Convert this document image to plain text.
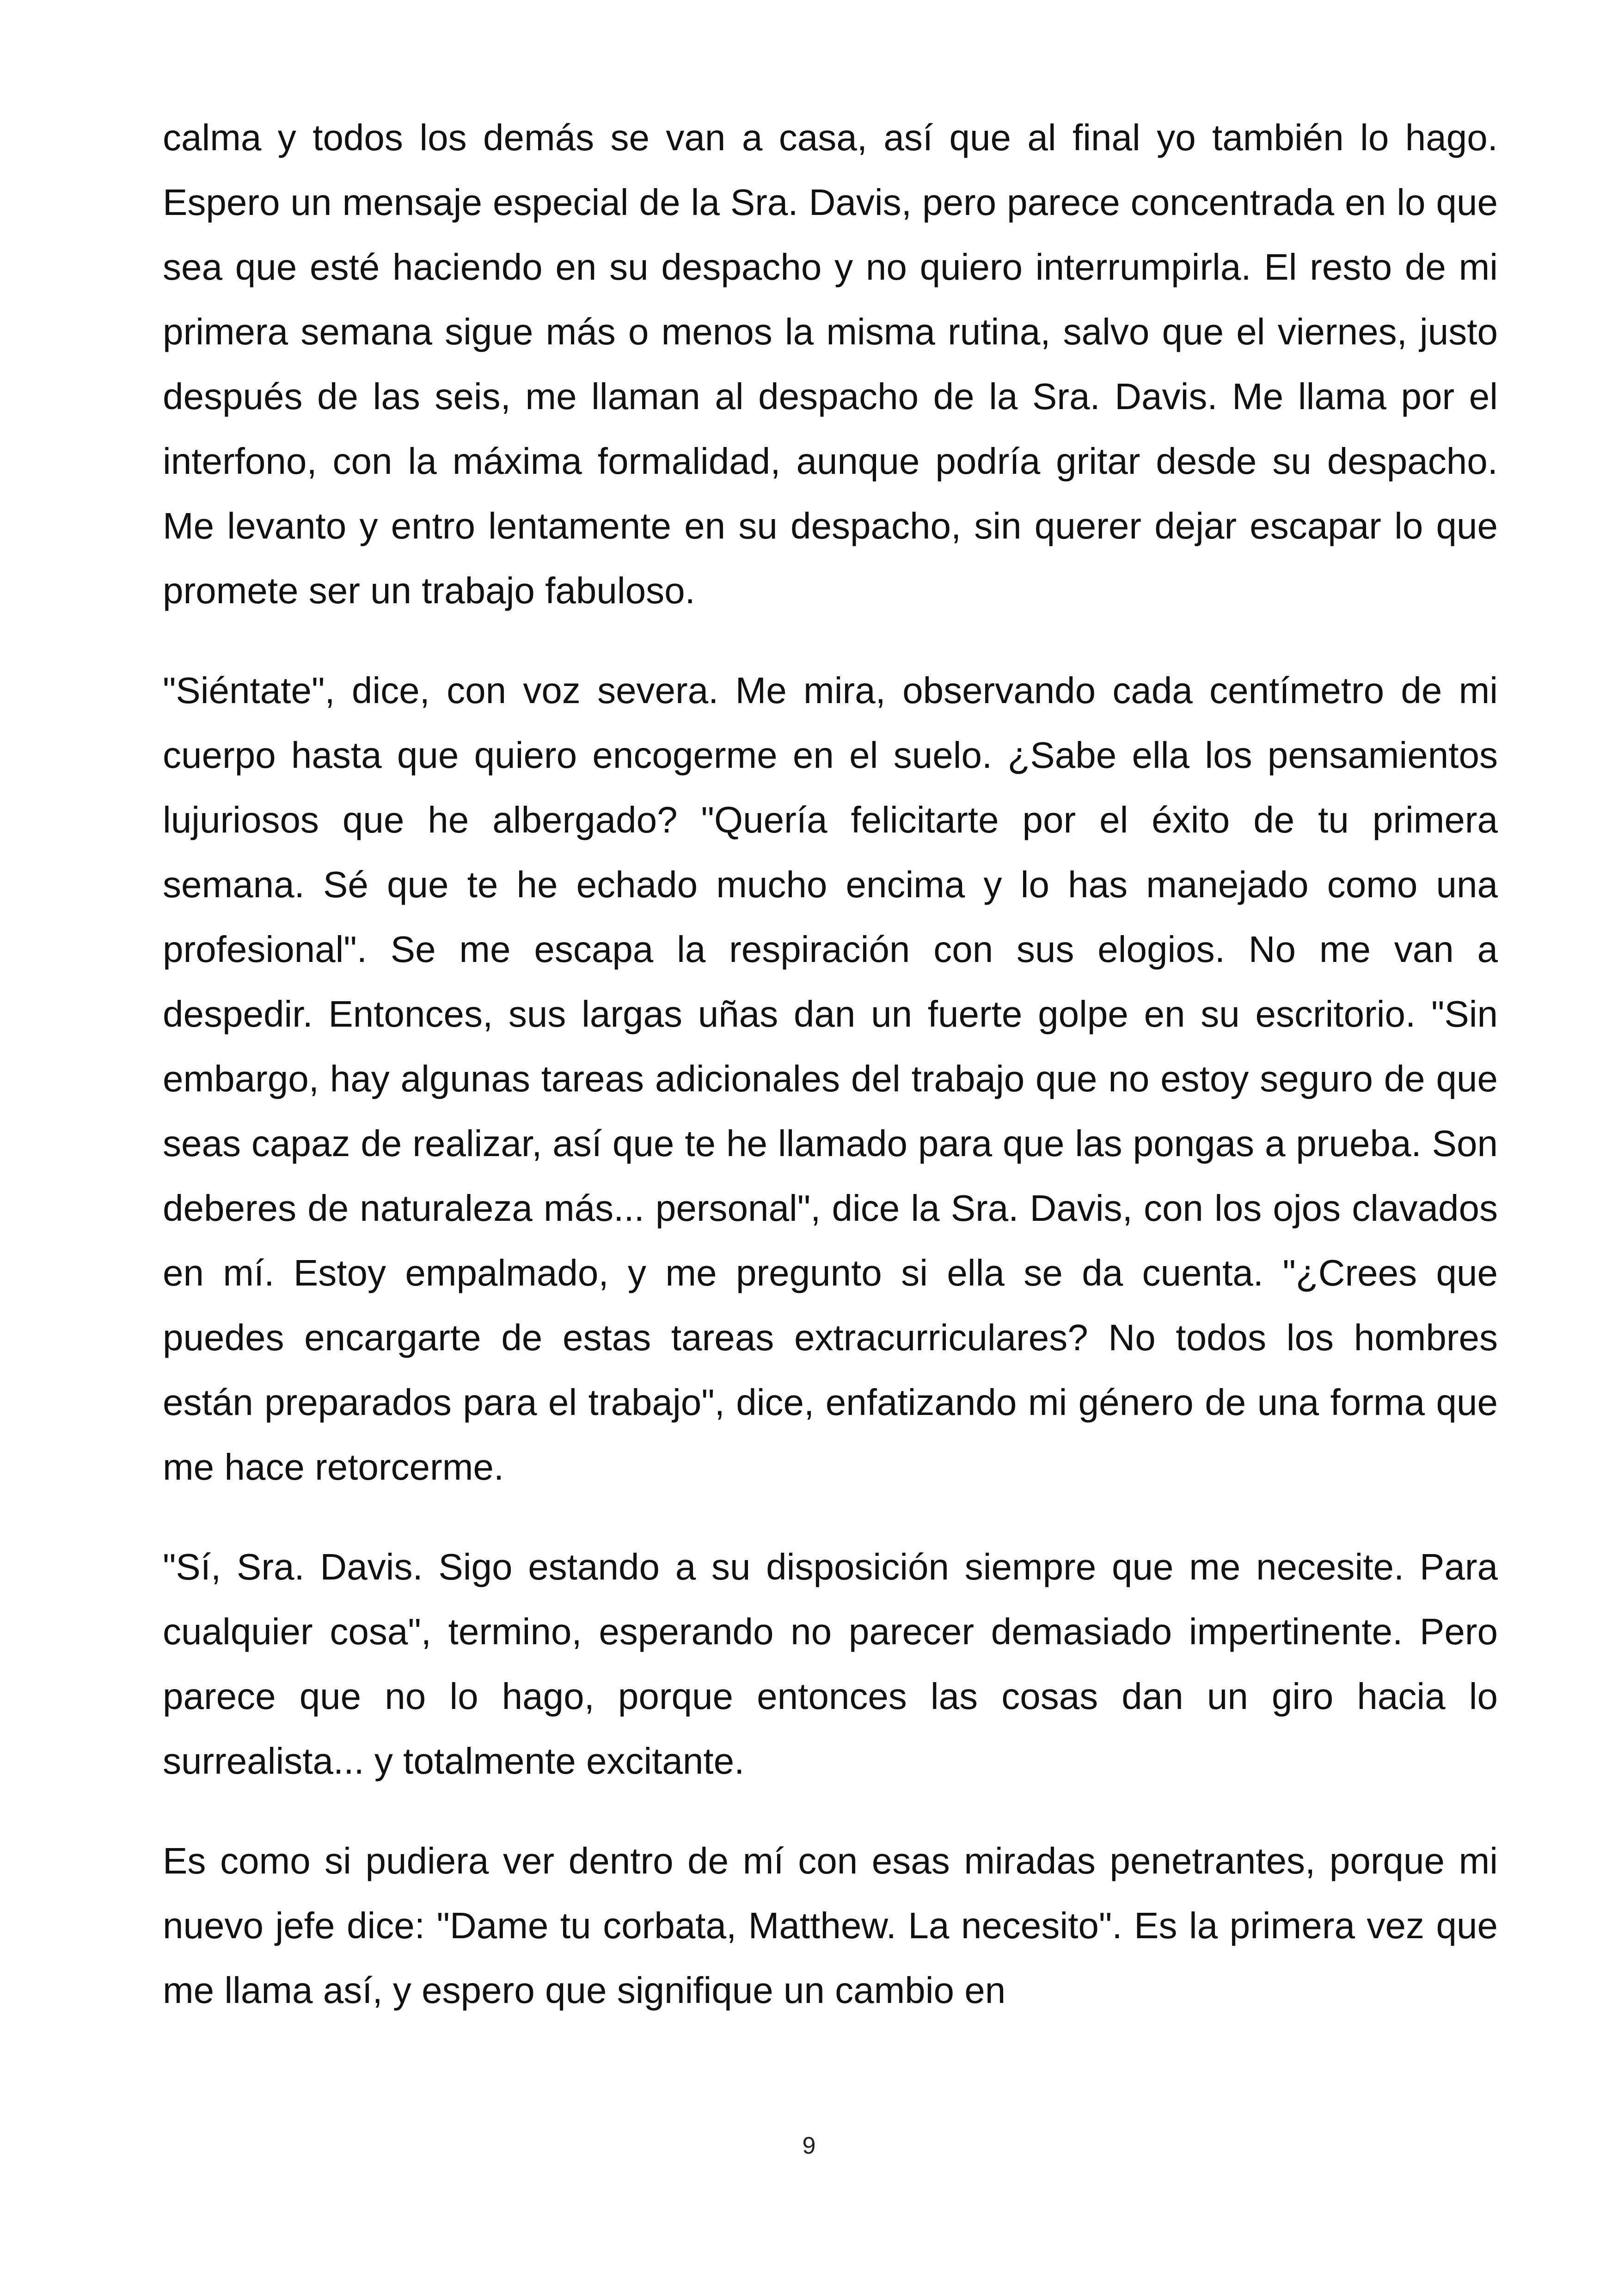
calma y todos los demás se van a casa, así que al final yo también lo hago. Espero un mensaje especial de la Sra. Davis, pero parece concentrada en lo que sea que esté haciendo en su despacho y no quiero interrumpirla. El resto de mi primera semana sigue más o menos la misma rutina, salvo que el viernes, justo después de las seis, me llaman al despacho de la Sra. Davis. Me llama por el interfono, con la máxima formalidad, aunque podría gritar desde su despacho. Me levanto y entro lentamente en su despacho, sin querer dejar escapar lo que promete ser un trabajo fabuloso.

"Siéntate", dice, con voz severa. Me mira, observando cada centímetro de mi cuerpo hasta que quiero encogerme en el suelo. ¿Sabe ella los pensamientos lujuriosos que he albergado? "Quería felicitarte por el éxito de tu primera semana. Sé que te he echado mucho encima y lo has manejado como una profesional". Se me escapa la respiración con sus elogios. No me van a despedir. Entonces, sus largas uñas dan un fuerte golpe en su escritorio. "Sin embargo, hay algunas tareas adicionales del trabajo que no estoy seguro de que seas capaz de realizar, así que te he llamado para que las pongas a prueba. Son deberes de naturaleza más... personal", dice la Sra. Davis, con los ojos clavados en mí. Estoy empalmado, y me pregunto si ella se da cuenta. "¿Crees que puedes encargarte de estas tareas extracurriculares? No todos los hombres están preparados para el trabajo", dice, enfatizando mi género de una forma que me hace retorcerme.

"Sí, Sra. Davis. Sigo estando a su disposición siempre que me necesite. Para cualquier cosa", termino, esperando no parecer demasiado impertinente. Pero parece que no lo hago, porque entonces las cosas dan un giro hacia lo surrealista... y totalmente excitante.

Es como si pudiera ver dentro de mí con esas miradas penetrantes, porque mi nuevo jefe dice: "Dame tu corbata, Matthew. La necesito". Es la primera vez que me llama así, y espero que signifique un cambio en

9
